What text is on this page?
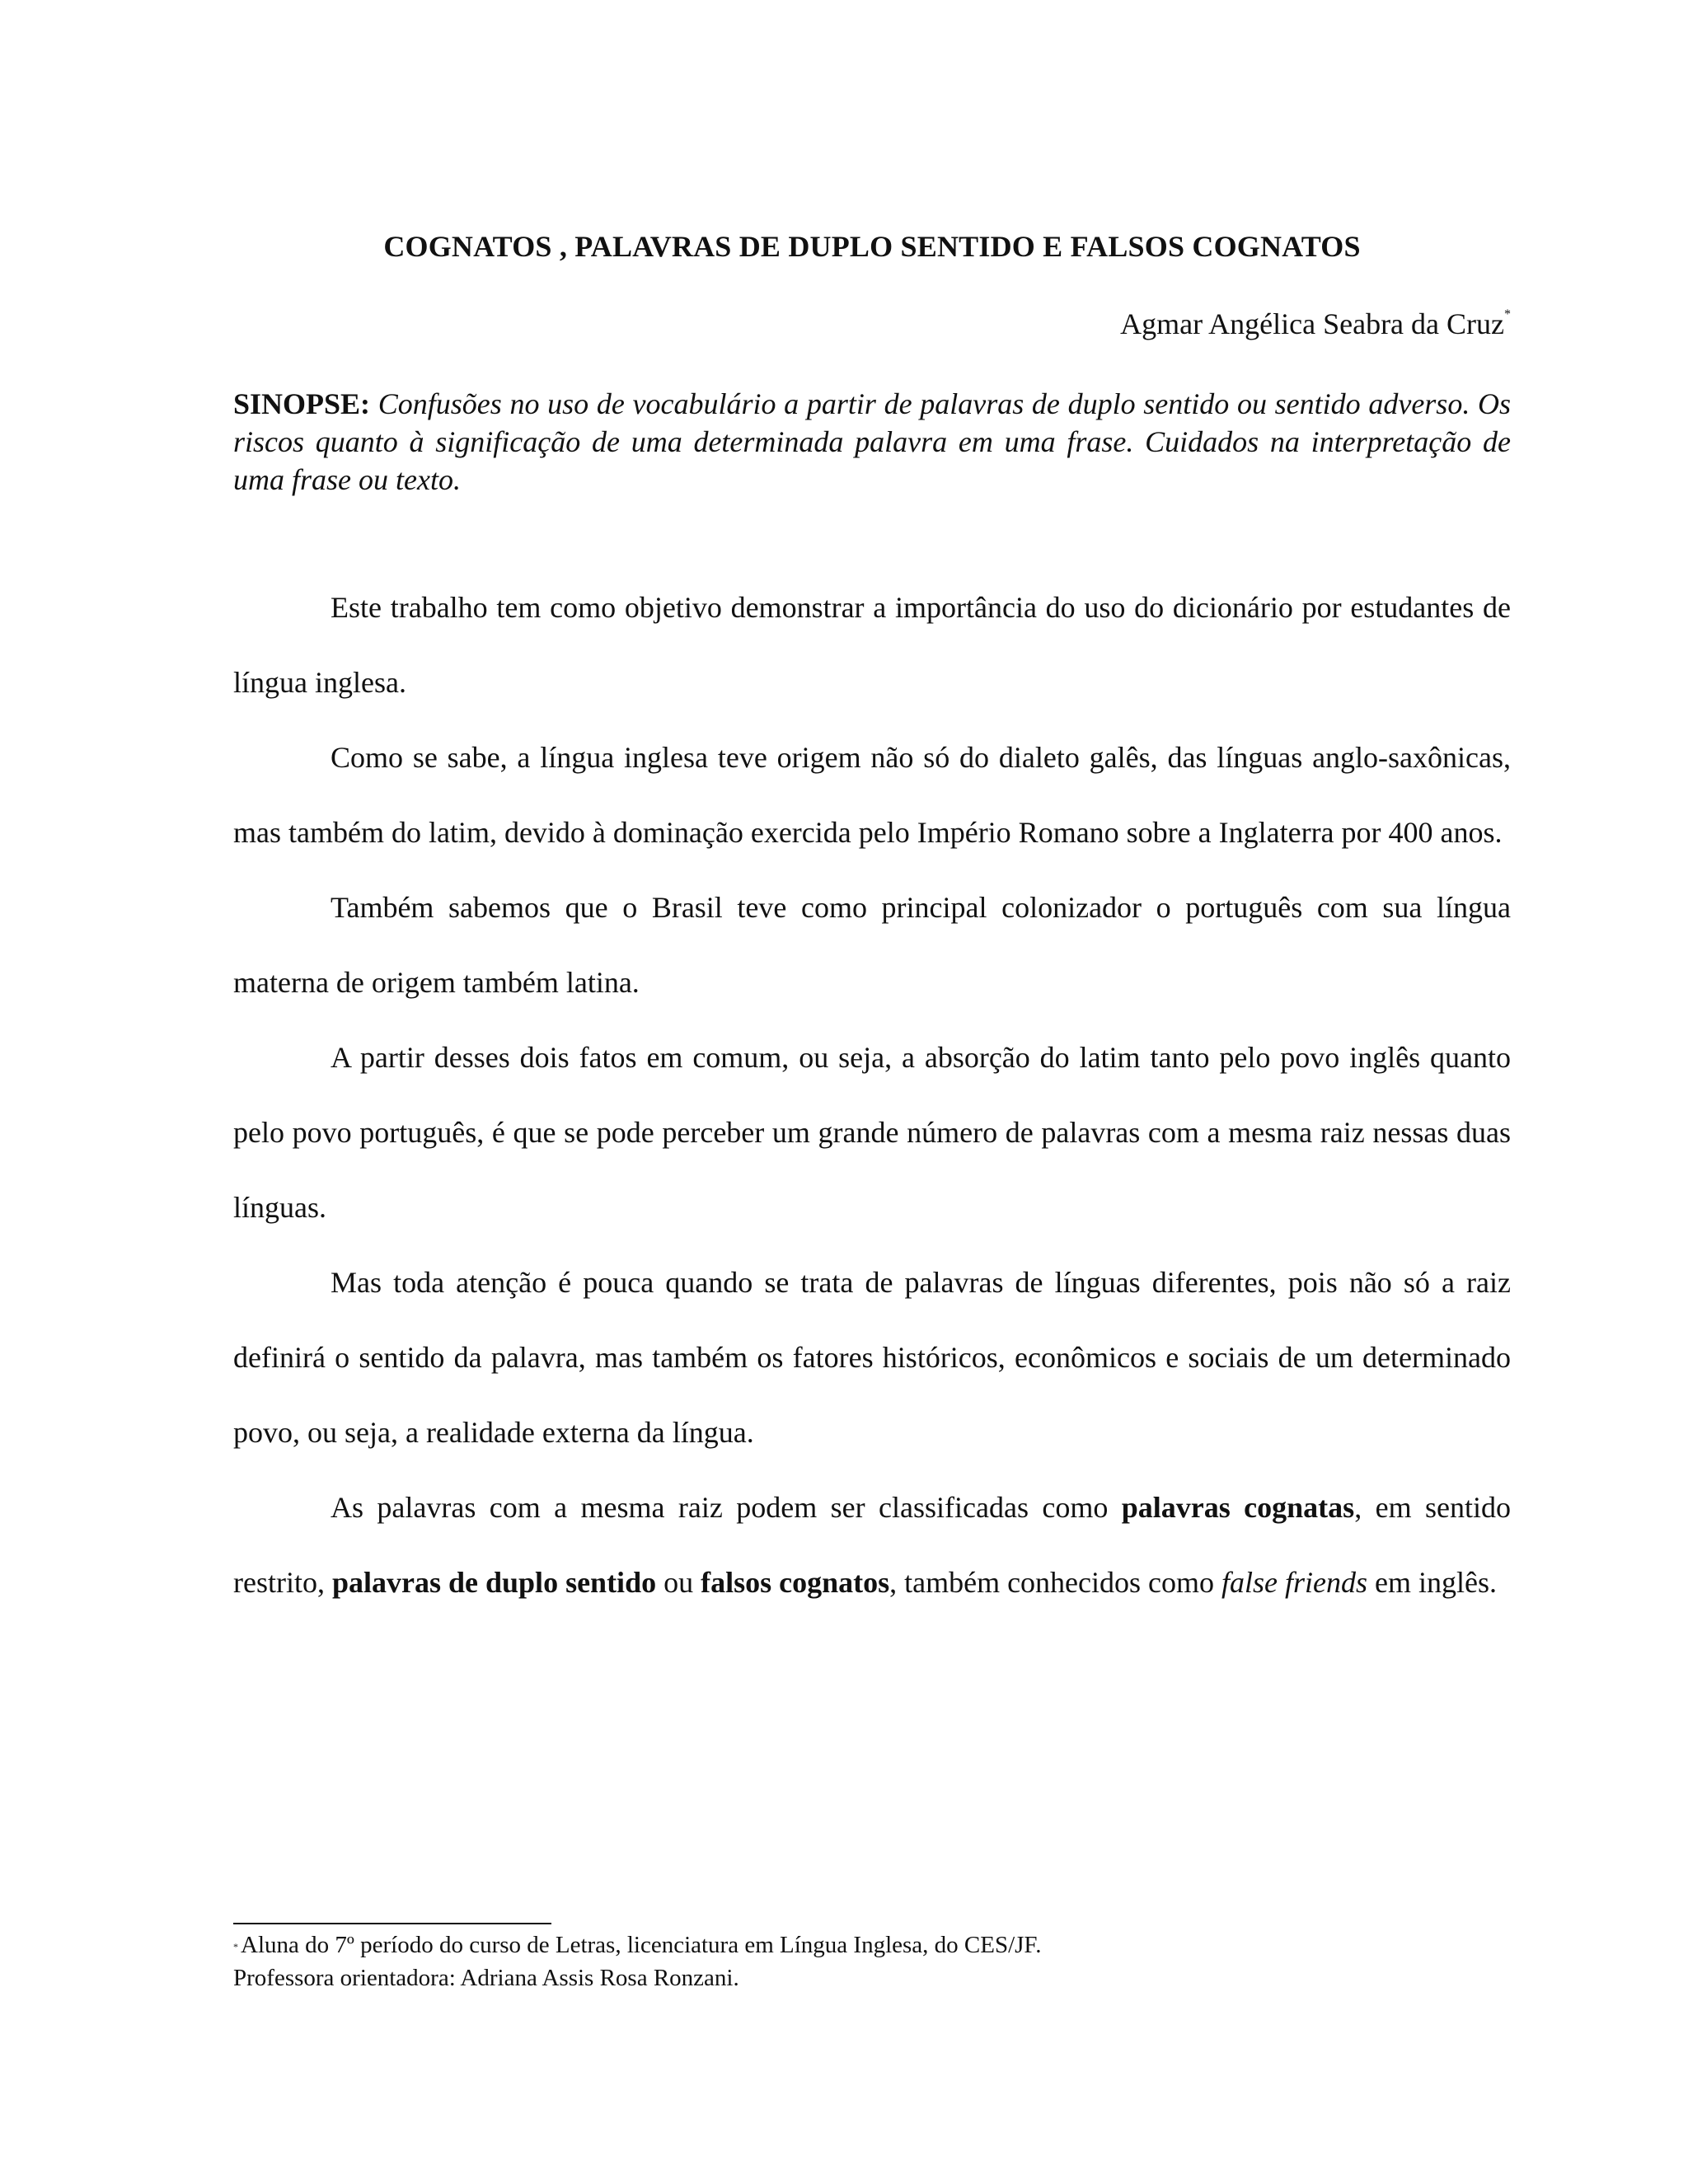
COGNATOS , PALAVRAS DE DUPLO SENTIDO E FALSOS COGNATOS

Agmar Angélica Seabra da Cruz*

SINOPSE: Confusões no uso de vocabulário a partir de palavras de duplo sentido ou sentido adverso. Os riscos quanto à significação de uma determinada palavra em uma frase. Cuidados na interpretação de uma frase ou texto.

Este trabalho tem como objetivo demonstrar a importância do uso do dicionário por estudantes de língua inglesa.

Como se sabe, a língua inglesa teve origem não só do dialeto galês, das línguas anglo-saxônicas, mas também do latim, devido à dominação exercida pelo Império Romano sobre a Inglaterra por 400 anos.

Também sabemos que o Brasil teve como principal colonizador o português com sua língua materna de origem também latina.

A partir desses dois fatos em comum, ou seja, a absorção do latim tanto pelo povo inglês quanto pelo povo português, é que se pode perceber um grande número de palavras com a mesma raiz nessas duas línguas.

Mas toda atenção é pouca quando se trata de palavras de línguas diferentes, pois não só a raiz definirá o sentido da palavra, mas também os fatores históricos, econômicos e sociais de um determinado povo, ou seja, a realidade externa da língua.

As palavras com a mesma raiz podem ser classificadas como palavras cognatas, em sentido restrito, palavras de duplo sentido ou falsos cognatos, também conhecidos como false friends em inglês.

* Aluna do 7º período do curso de Letras, licenciatura em Língua Inglesa, do CES/JF.

Professora orientadora: Adriana Assis Rosa Ronzani.
